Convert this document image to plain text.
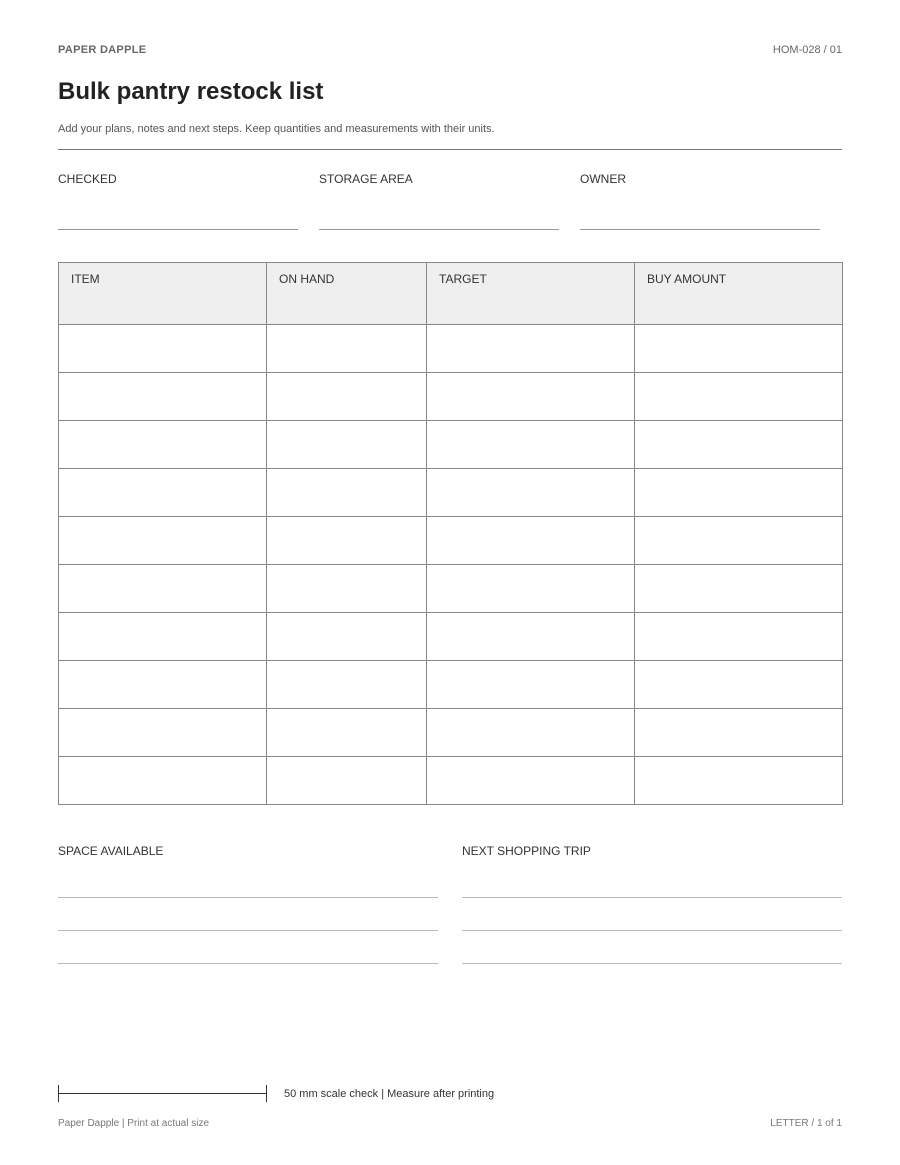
PAPER DAPPLE	HOM-028 / 01
Bulk pantry restock list
Add your plans, notes and next steps. Keep quantities and measurements with their units.
CHECKED	STORAGE AREA	OWNER
ITEM	ON HAND	TARGET	BUY AMOUNT

SPACE AVAILABLE	NEXT SHOPPING TRIP
50 mm scale check | Measure after printing
Paper Dapple | Print at actual size	LETTER / 1 of 1
